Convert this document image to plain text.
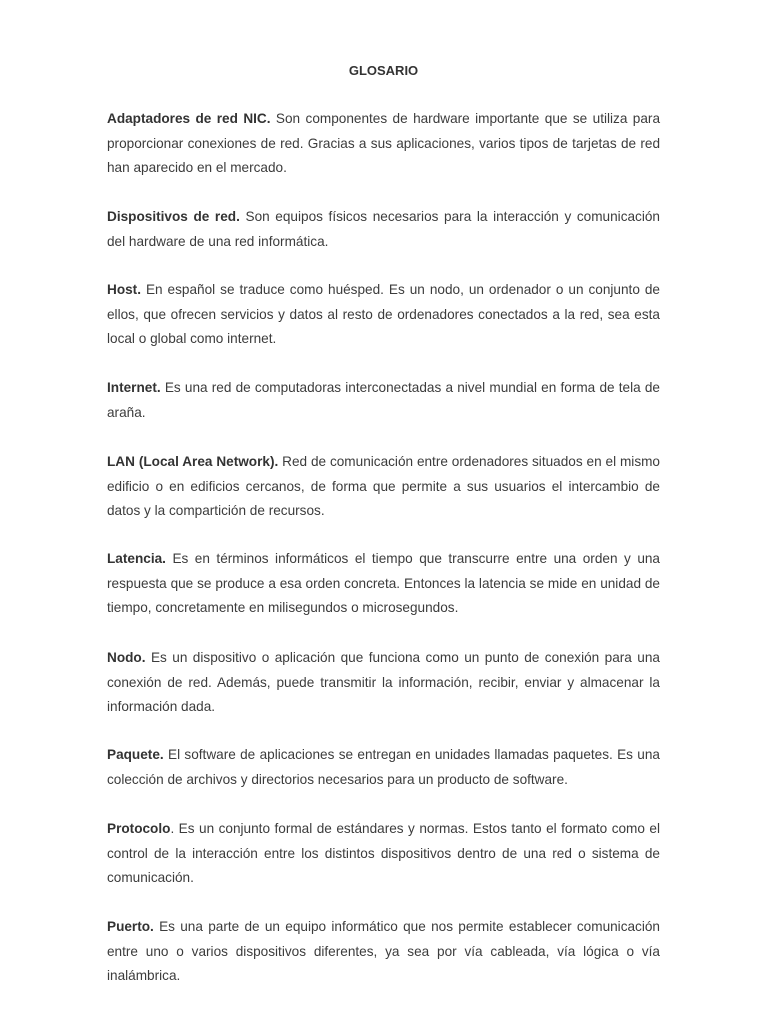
GLOSARIO

Adaptadores de red NIC. Son componentes de hardware importante que se utiliza para proporcionar conexiones de red. Gracias a sus aplicaciones, varios tipos de tarjetas de red han aparecido en el mercado.

Dispositivos de red. Son equipos físicos necesarios para la interacción y comunicación del hardware de una red informática.

Host. En español se traduce como huésped. Es un nodo, un ordenador o un conjunto de ellos, que ofrecen servicios y datos al resto de ordenadores conectados a la red, sea esta local o global como internet.

Internet. Es una red de computadoras interconectadas a nivel mundial en forma de tela de araña.

LAN (Local Area Network). Red de comunicación entre ordenadores situados en el mismo edificio o en edificios cercanos, de forma que permite a sus usuarios el intercambio de datos y la compartición de recursos.

Latencia. Es en términos informáticos el tiempo que transcurre entre una orden y una respuesta que se produce a esa orden concreta. Entonces la latencia se mide en unidad de tiempo, concretamente en milisegundos o microsegundos.

Nodo. Es un dispositivo o aplicación que funciona como un punto de conexión para una conexión de red. Además, puede transmitir la información, recibir, enviar y almacenar la información dada.

Paquete. El software de aplicaciones se entregan en unidades llamadas paquetes. Es una colección de archivos y directorios necesarios para un producto de software.

Protocolo. Es un conjunto formal de estándares y normas. Estos tanto el formato como el control de la interacción entre los distintos dispositivos dentro de una red o sistema de comunicación.

Puerto. Es una parte de un equipo informático que nos permite establecer comunicación entre uno o varios dispositivos diferentes, ya sea por vía cableada, vía lógica o vía inalámbrica.
